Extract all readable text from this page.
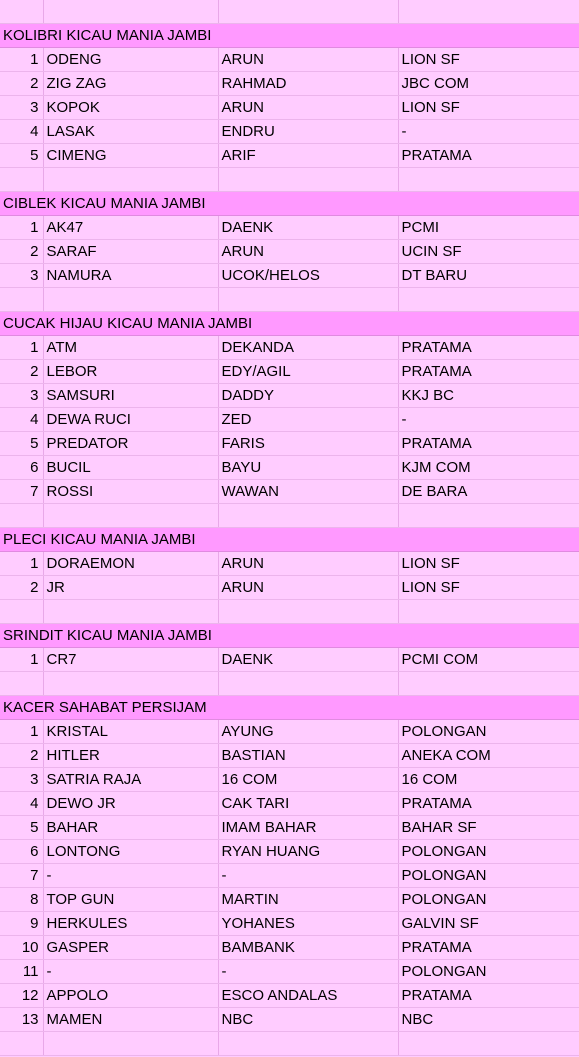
KOLIBRI KICAU MANIA JAMBI			
1	ODENG	ARUN	LION SF
2	ZIG ZAG	RAHMAD	JBC COM
3	KOPOK	ARUN	LION SF
4	LASAK	ENDRU	-
5	CIMENG	ARIF	PRATAMA

CIBLEK KICAU MANIA JAMBI			
1	AK47	DAENK	PCMI
2	SARAF	ARUN	UCIN SF
3	NAMURA	UCOK/HELOS	DT BARU

CUCAK HIJAU KICAU MANIA JAMBI			
1	ATM	DEKANDA	PRATAMA
2	LEBOR	EDY/AGIL	PRATAMA
3	SAMSURI	DADDY	KKJ BC
4	DEWA RUCI	ZED	-
5	PREDATOR	FARIS	PRATAMA
6	BUCIL	BAYU	KJM COM
7	ROSSI	WAWAN	DE BARA

PLECI KICAU MANIA JAMBI			
1	DORAEMON	ARUN	LION SF
2	JR	ARUN	LION SF

SRINDIT KICAU MANIA JAMBI			
1	CR7	DAENK	PCMI COM

KACER SAHABAT PERSIJAM			
1	KRISTAL	AYUNG	POLONGAN
2	HITLER	BASTIAN	ANEKA COM
3	SATRIA RAJA	16 COM	16 COM
4	DEWO JR	CAK TARI	PRATAMA
5	BAHAR	IMAM BAHAR	BAHAR SF
6	LONTONG	RYAN HUANG	POLONGAN
7	-	-	POLONGAN
8	TOP GUN	MARTIN	POLONGAN
9	HERKULES	YOHANES	GALVIN SF
10	GASPER	BAMBANK	PRATAMA
11	-	-	POLONGAN
12	APPOLO	ESCO ANDALAS	PRATAMA
13	MAMEN	NBC	NBC
